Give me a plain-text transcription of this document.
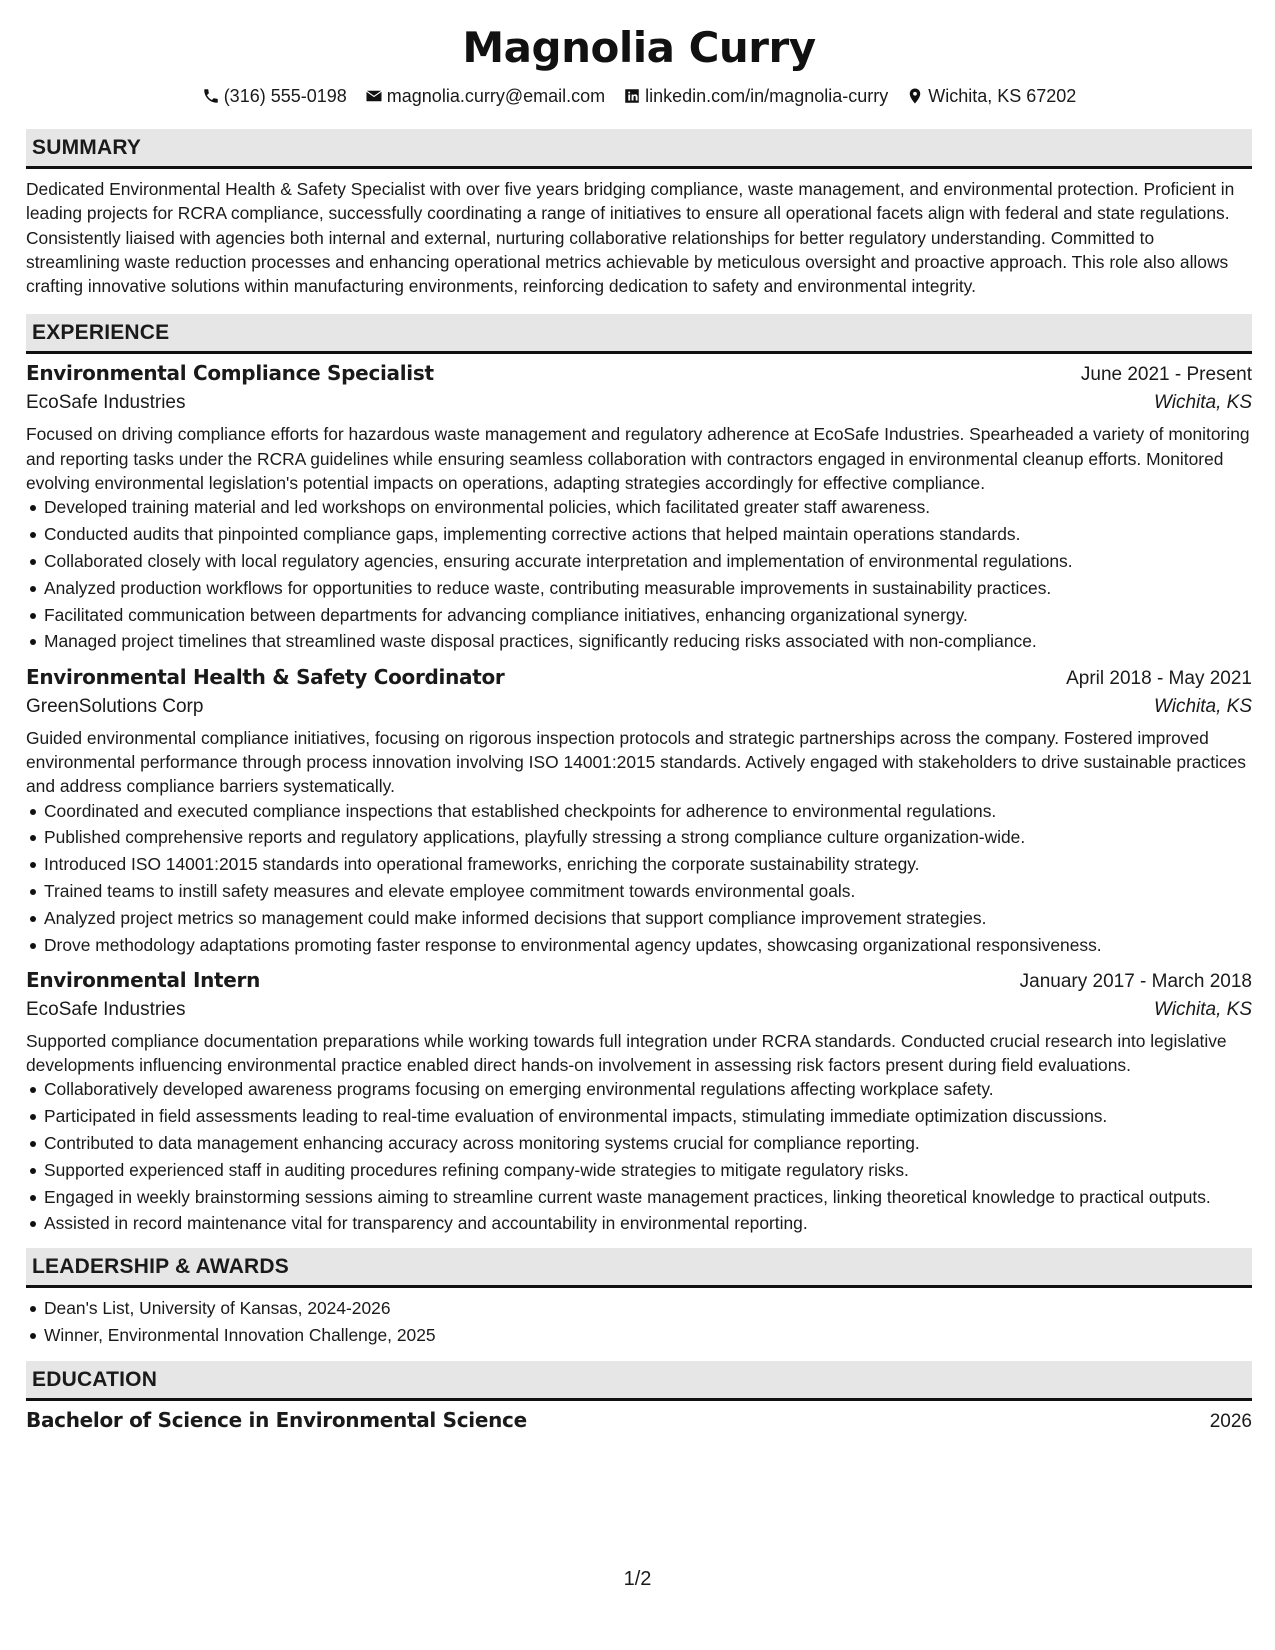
Magnolia Curry
(316) 555-0198 magnolia.curry@email.com linkedin.com/in/magnolia-curry Wichita, KS 67202
SUMMARY

Dedicated Environmental Health & Safety Specialist with over five years bridging compliance, waste management, and environmental protection. Proficient in leading projects for RCRA compliance, successfully coordinating a range of initiatives to ensure all operational facets align with federal and state regulations. Consistently liaised with agencies both internal and external, nurturing collaborative relationships for better regulatory understanding. Committed to streamlining waste reduction processes and enhancing operational metrics achievable by meticulous oversight and proactive approach. This role also allows crafting innovative solutions within manufacturing environments, reinforcing dedication to safety and environmental integrity.

EXPERIENCE
Environmental Compliance Specialist	June 2021 - Present
EcoSafe Industries	Wichita, KS

Focused on driving compliance efforts for hazardous waste management and regulatory adherence at EcoSafe Industries. Spearheaded a variety of monitoring and reporting tasks under the RCRA guidelines while ensuring seamless collaboration with contractors engaged in environmental cleanup efforts. Monitored evolving environmental legislation's potential impacts on operations, adapting strategies accordingly for effective compliance.

Developed training material and led workshops on environmental policies, which facilitated greater staff awareness.
Conducted audits that pinpointed compliance gaps, implementing corrective actions that helped maintain operations standards.
Collaborated closely with local regulatory agencies, ensuring accurate interpretation and implementation of environmental regulations.
Analyzed production workflows for opportunities to reduce waste, contributing measurable improvements in sustainability practices.
Facilitated communication between departments for advancing compliance initiatives, enhancing organizational synergy.
Managed project timelines that streamlined waste disposal practices, significantly reducing risks associated with non-compliance.
Environmental Health & Safety Coordinator	April 2018 - May 2021
GreenSolutions Corp	Wichita, KS

Guided environmental compliance initiatives, focusing on rigorous inspection protocols and strategic partnerships across the company. Fostered improved environmental performance through process innovation involving ISO 14001:2015 standards. Actively engaged with stakeholders to drive sustainable practices and address compliance barriers systematically.

Coordinated and executed compliance inspections that established checkpoints for adherence to environmental regulations.
Published comprehensive reports and regulatory applications, playfully stressing a strong compliance culture organization-wide.
Introduced ISO 14001:2015 standards into operational frameworks, enriching the corporate sustainability strategy.
Trained teams to instill safety measures and elevate employee commitment towards environmental goals.
Analyzed project metrics so management could make informed decisions that support compliance improvement strategies.
Drove methodology adaptations promoting faster response to environmental agency updates, showcasing organizational responsiveness.
Environmental Intern	January 2017 - March 2018
EcoSafe Industries	Wichita, KS

Supported compliance documentation preparations while working towards full integration under RCRA standards. Conducted crucial research into legislative developments influencing environmental practice enabled direct hands-on involvement in assessing risk factors present during field evaluations.

Collaboratively developed awareness programs focusing on emerging environmental regulations affecting workplace safety.
Participated in field assessments leading to real-time evaluation of environmental impacts, stimulating immediate optimization discussions.
Contributed to data management enhancing accuracy across monitoring systems crucial for compliance reporting.
Supported experienced staff in auditing procedures refining company-wide strategies to mitigate regulatory risks.
Engaged in weekly brainstorming sessions aiming to streamline current waste management practices, linking theoretical knowledge to practical outputs.
Assisted in record maintenance vital for transparency and accountability in environmental reporting.
LEADERSHIP & AWARDS
Dean's List, University of Kansas, 2024-2026
Winner, Environmental Innovation Challenge, 2025
EDUCATION
Bachelor of Science in Environmental Science	2026
1/2
